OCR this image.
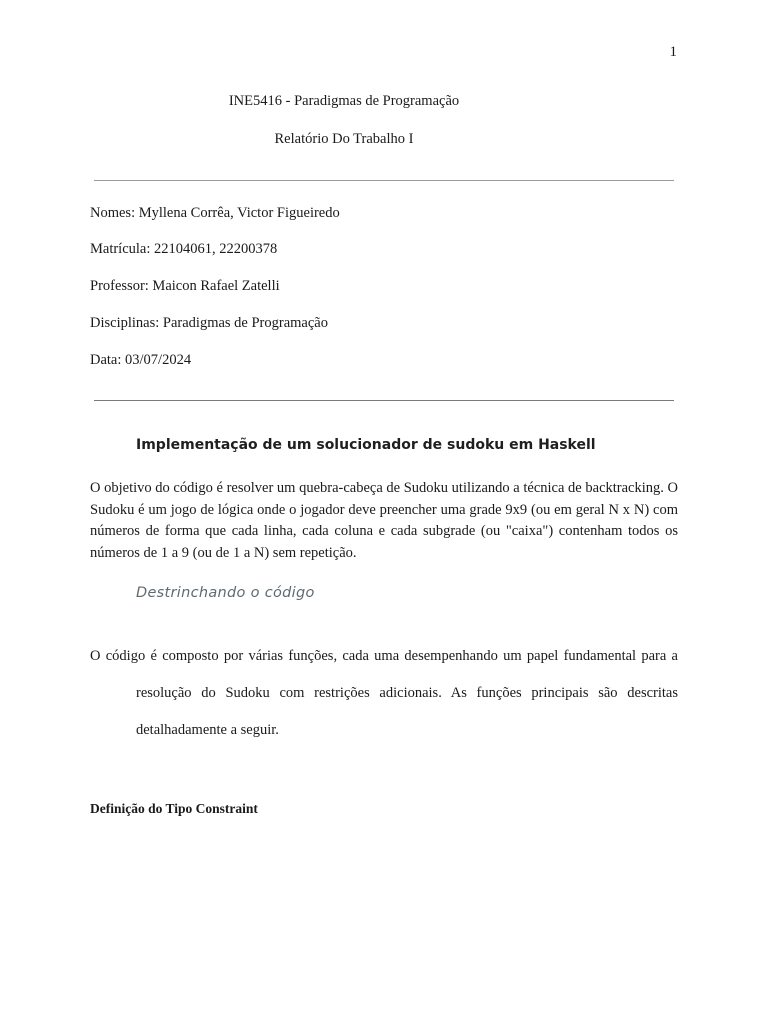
1
INE5416 - Paradigmas de Programação
Relatório Do Trabalho I
Nomes: Myllena Corrêa, Victor Figueiredo
Matrícula: 22104061, 22200378
Professor: Maicon Rafael Zatelli
Disciplinas: Paradigmas de Programação
Data: 03/07/2024
Implementação de um solucionador de sudoku em Haskell
O objetivo do código é resolver um quebra-cabeça de Sudoku utilizando a técnica de backtracking. O Sudoku é um jogo de lógica onde o jogador deve preencher uma grade 9x9 (ou em geral N x N) com números de forma que cada linha, cada coluna e cada subgrade (ou "caixa") contenham todos os números de 1 a 9 (ou de 1 a N) sem repetição.
Destrinchando o código
O código é composto por várias funções, cada uma desempenhando um papel fundamental para a resolução do Sudoku com restrições adicionais. As funções principais são descritas detalhadamente a seguir.
Definição do Tipo Constraint
